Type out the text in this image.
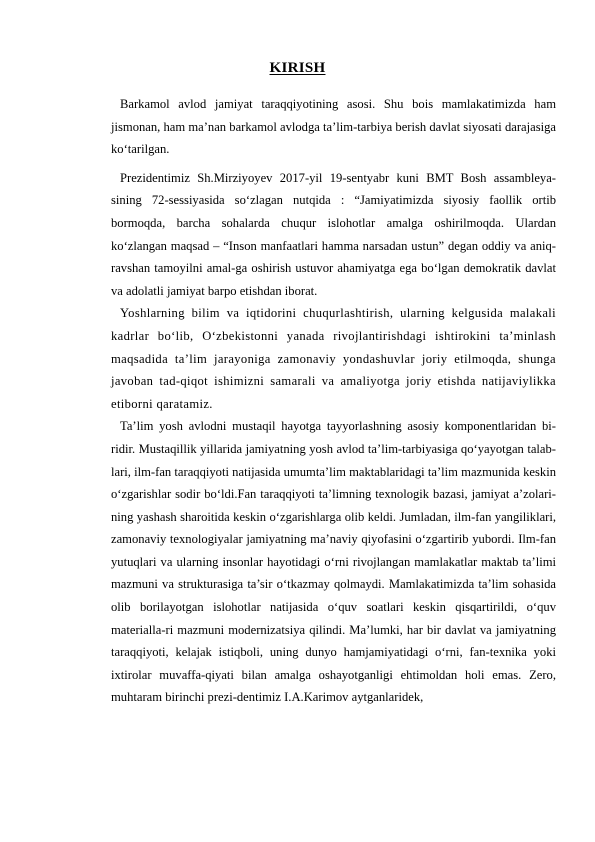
KIRISH

Barkamol avlod jamiyat taraqqiyotining asosi. Shu bois mamlakatimizda ham jismonan, ham ma’nan barkamol avlodga ta’lim-tarbiya berish davlat siyosati darajasiga ko‘tarilgan.

Prezidentimiz Sh.Mirziyoyev 2017-yil 19-sentyabr kuni BMT Bosh assambleya-sining 72-sessiyasida so‘zlagan nutqida : “Jamiyatimizda siyosiy faollik ortib bormoqda, barcha sohalarda chuqur islohotlar amalga oshirilmoqda. Ulardan ko‘zlangan maqsad – “Inson manfaatlari hamma narsadan ustun” degan oddiy va aniq-ravshan tamoyilni amal-ga oshirish ustuvor ahamiyatga ega bo‘lgan demokratik davlat va adolatli jamiyat barpo etishdan iborat.

Yoshlarning bilim va iqtidorini chuqurlashtirish, ularning kelgusida malakali kadrlar bo‘lib, O‘zbekistonni yanada rivojlantirishdagi ishtirokini ta’minlash maqsadida ta’lim jarayoniga zamonaviy yondashuvlar joriy etilmoqda, shunga javoban tad-qiqot ishimizni samarali va amaliyotga joriy etishda natijaviylikka etiborni qaratamiz.

Ta’lim yosh avlodni mustaqil hayotga tayyorlashning asosiy komponentlaridan bi-ridir. Mustaqillik yillarida jamiyatning yosh avlod ta’lim-tarbiyasiga qo‘yayotgan talab-lari, ilm-fan taraqqiyoti natijasida umumta’lim maktablaridagi ta’lim mazmunida keskin o‘zgarishlar sodir bo‘ldi.Fan taraqqiyoti ta’limning texnologik bazasi, jamiyat a’zolari-ning yashash sharoitida keskin o‘zgarishlarga olib keldi. Jumladan, ilm-fan yangiliklari, zamonaviy texnologiyalar jamiyatning ma’naviy qiyofasini o‘zgartirib yubordi. Ilm-fan yutuqlari va ularning insonlar hayotidagi o‘rni rivojlangan mamlakatlar maktab ta’limi mazmuni va strukturasiga ta’sir o‘tkazmay qolmaydi. Mamlakatimizda ta’lim sohasida olib borilayotgan islohotlar natijasida o‘quv soatlari keskin qisqartirildi, o‘quv materialla-ri mazmuni modernizatsiya qilindi. Ma’lumki, har bir davlat va jamiyatning taraqqiyoti, kelajak istiqboli, uning dunyo hamjamiyatidagi o‘rni, fan-texnika yoki ixtirolar muvaffa-qiyati bilan amalga oshayotganligi ehtimoldan holi emas. Zero, muhtaram birinchi prezi-dentimiz I.A.Karimov aytganlaridek,
